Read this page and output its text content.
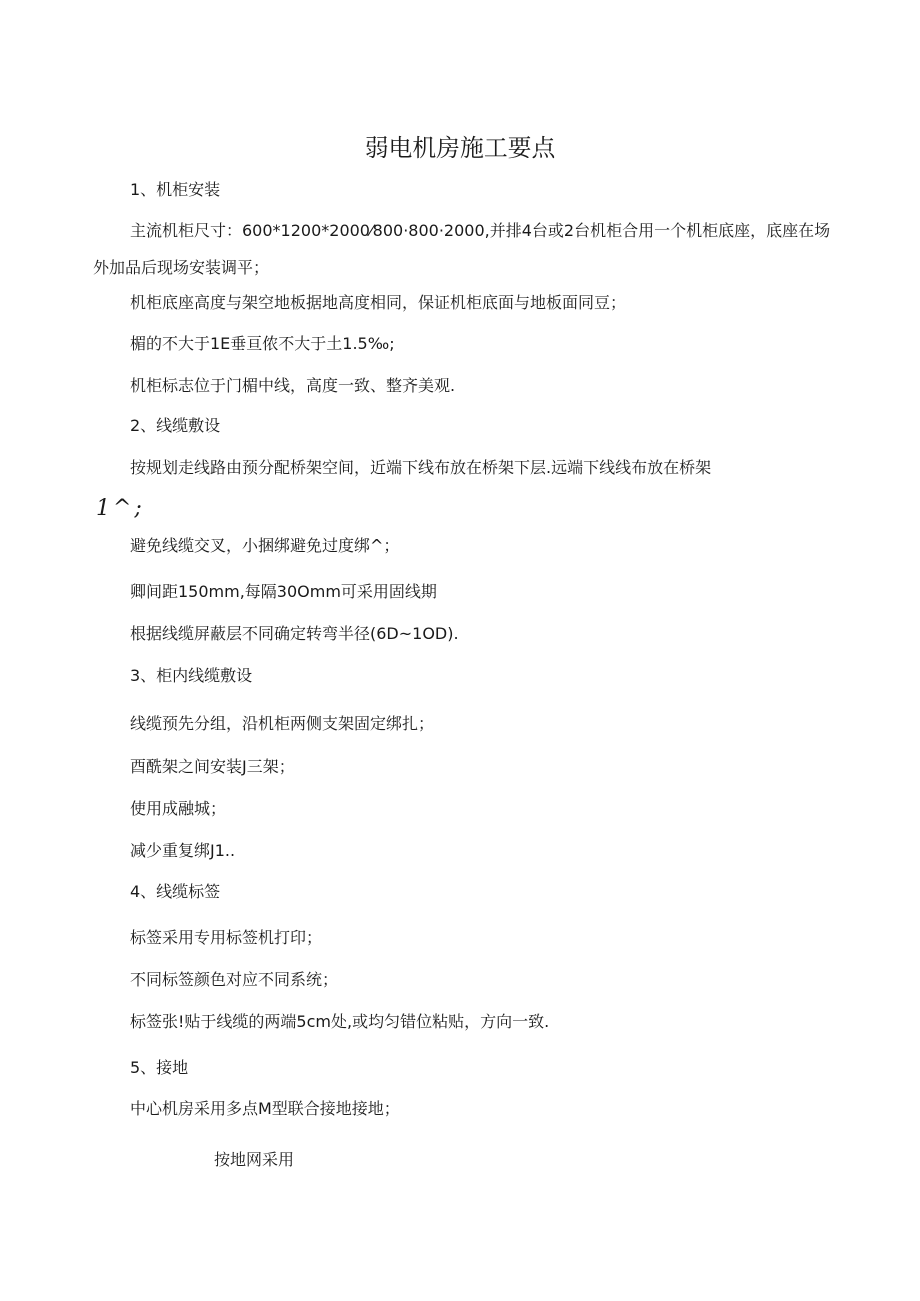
弱电机房施工要点
1、机柜安装
主流机柜尺寸：600*1200*2000⁄800·800·2000,并排4台或2台机柜合用一个机柜底座，底座在场
外加品后现场安装调平；
机柜底座高度与架空地板据地高度相同，保证机柜底面与地板面同豆；
楣的不大于1E垂亘侬不大于土1.5‰;
机柜标志位于门楣中线，高度一致、整齐美观.
2、线缆敷设
按规划走线路由预分配桥架空间，近端下线布放在桥架下层.远端下线线布放在桥架
1^;
避免线缆交叉，小捆绑避免过度绑^；
卿间距150mm,每隔30Omm可采用固线期
根据线缆屏蔽层不同确定转弯半径(6D~1OD).
3、柜内线缆敷设
线缆预先分组，沿机柜两侧支架固定绑扎；
酉酰架之间安装J三架；
使用成融城；
减少重复绑J1..
4、线缆标签
标签采用专用标签机打印；
不同标签颜色对应不同系统；
标签张!贴于线缆的两端5cm处,或均匀错位粘贴，方向一致.
5、接地
中心机房采用多点M型联合接地接地；
按地网采用
